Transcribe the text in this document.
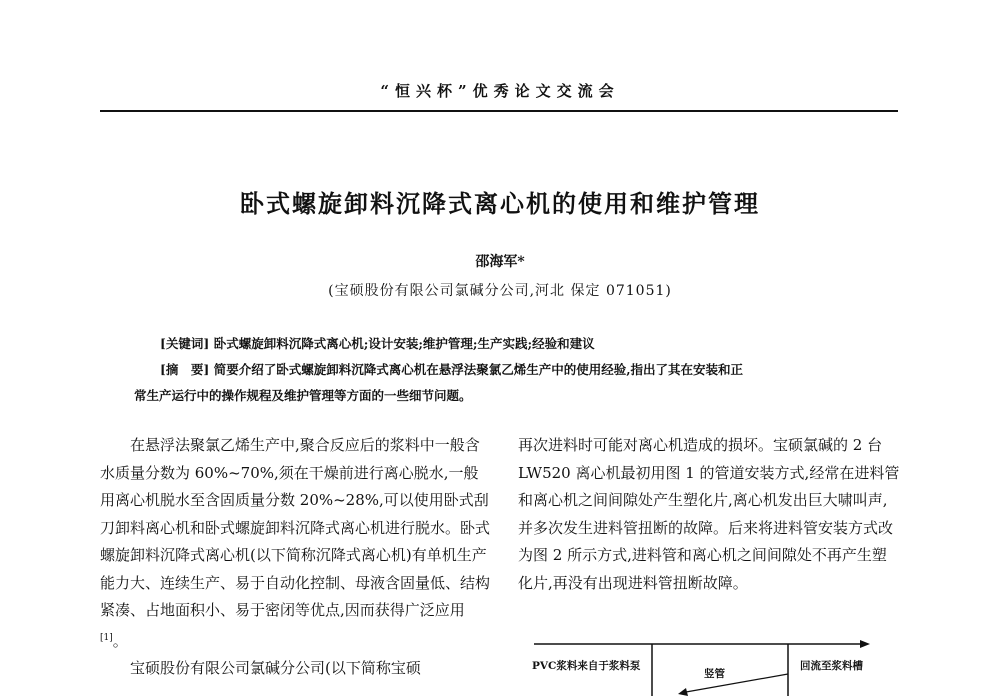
“恒兴杯”优秀论文交流会
卧式螺旋卸料沉降式离心机的使用和维护管理
邵海军*
(宝硕股份有限公司氯碱分公司,河北 保定 071051)
[关键词] 卧式螺旋卸料沉降式离心机;设计安装;维护管理;生产实践;经验和建议
[摘　要] 简要介绍了卧式螺旋卸料沉降式离心机在悬浮法聚氯乙烯生产中的使用经验,指出了其在安装和正
常生产运行中的操作规程及维护管理等方面的一些细节问题。

在悬浮法聚氯乙烯生产中,聚合反应后的浆料中一般含水质量分数为 60%~70%,须在干燥前进行离心脱水,一般用离心机脱水至含固质量分数 20%~28%,可以使用卧式刮刀卸料离心机和卧式螺旋卸料沉降式离心机进行脱水。卧式螺旋卸料沉降式离心机(以下简称沉降式离心机)有单机生产能力大、连续生产、易于自动化控制、母液含固量低、结构紧凑、占地面积小、易于密闭等优点,因而获得广泛应用[1]。

宝硕股份有限公司氯碱分公司(以下简称宝硕

再次进料时可能对离心机造成的损坏。宝硕氯碱的 2 台 LW520 离心机最初用图 1 的管道安装方式,经常在进料管和离心机之间间隙处产生塑化片,离心机发出巨大啸叫声,并多次发生进料管扭断的故障。后来将进料管安装方式改为图 2 所示方式,进料管和离心机之间间隙处不再产生塑化片,再没有出现进料管扭断故障。

PVC浆料来自于浆料泵
竖管
回流至浆料槽
